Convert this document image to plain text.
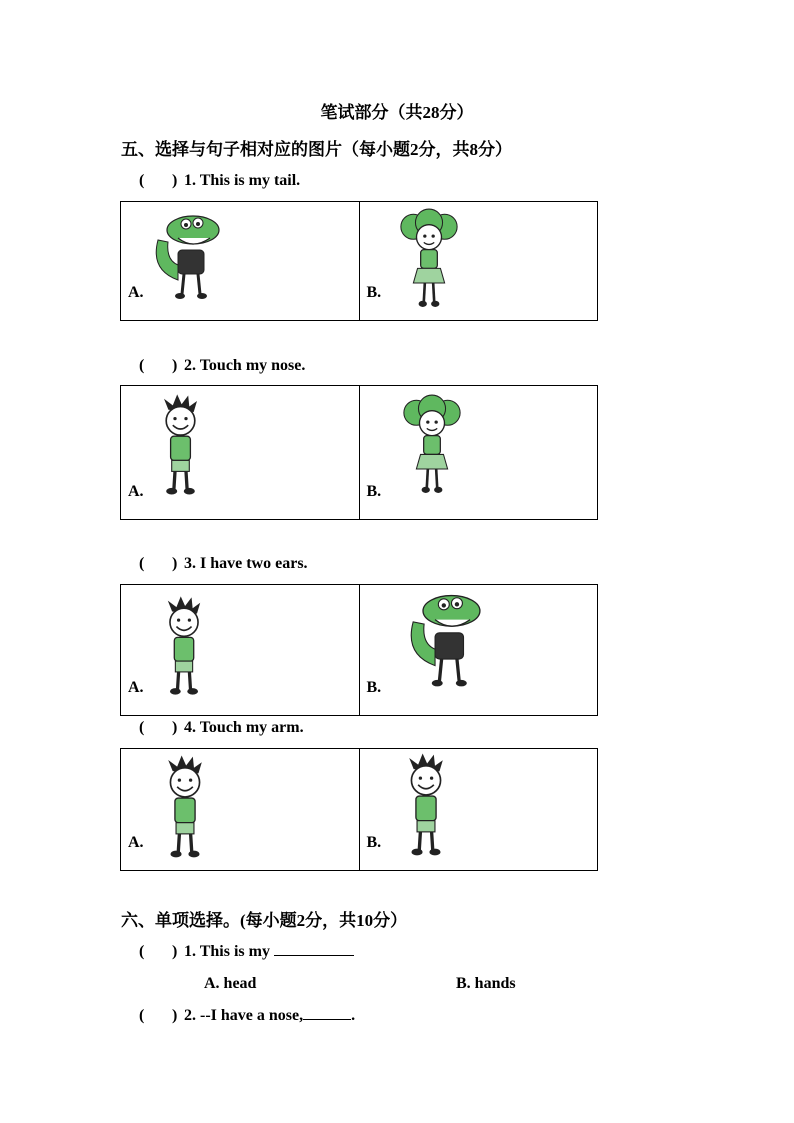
笔试部分（共28分）
五、选择与句子相对应的图片（每小题2分，共8分）
( ) 1. This is my tail.
A.	B.
( ) 2. Touch my nose.
A.	B.
( ) 3. I have two ears.
A.	B.
( ) 4. Touch my arm.
A.	B.
六、单项选择。(每小题2分，共10分）
( ) 1. This is my
A. head	B. hands
( ) 2. --I have a nose,	.
